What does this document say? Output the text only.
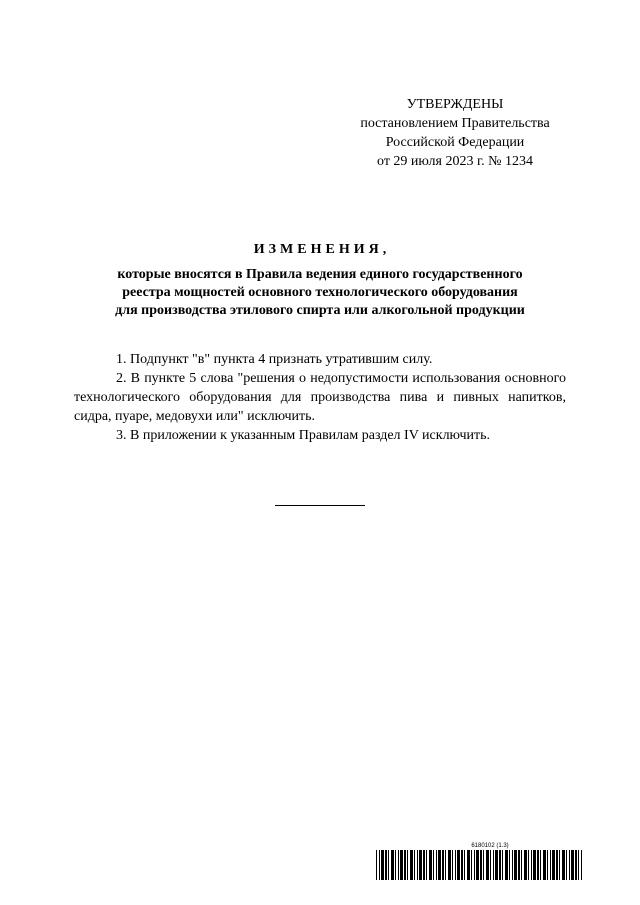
УТВЕРЖДЕНЫ
постановлением Правительства
Российской Федерации
от 29 июля 2023 г. № 1234
ИЗМЕНЕНИЯ,
которые вносятся в Правила ведения единого государственного
реестра мощностей основного технологического оборудования
для производства этилового спирта или алкогольной продукции

1. Подпункт "в" пункта 4 признать утратившим силу.

2. В пункте 5 слова "решения о недопустимости использования основного технологического оборудования для производства пива и пивных напитков, сидра, пуаре, медовухи или" исключить.

3. В приложении к указанным Правилам раздел IV исключить.

6180102 (1.3)
